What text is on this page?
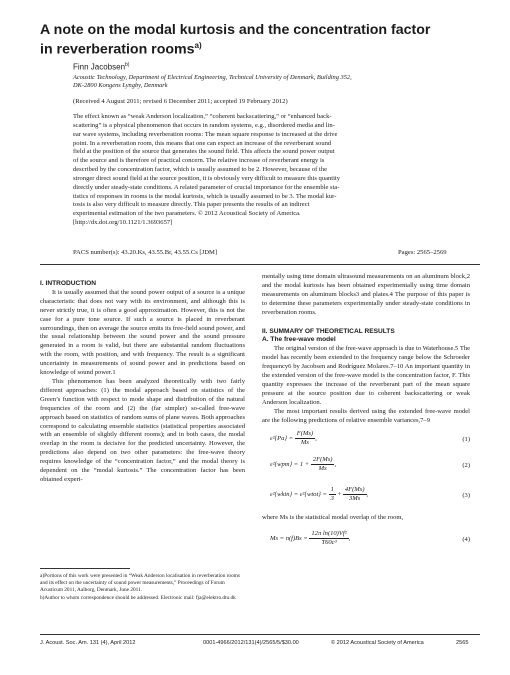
A note on the modal kurtosis and the concentration factor
in reverberation rooms$^{a)}$
Finn Jacobsen$^{b)}$
Acoustic Technology, Department of Electrical Engineering, Technical University of Denmark, Building 352,
DK-2800 Kongens Lyngby, Denmark
(Received 4 August 2011; revised 6 December 2011; accepted 19 February 2012)
The effect known as “weak Anderson localization,” “coherent backscattering,” or “enhanced back-
scattering” is a physical phenomenon that occurs in random systems, e.g., disordered media and lin-
ear wave systems, including reverberation rooms: The mean square response is increased at the drive
point. In a reverberation room, this means that one can expect an increase of the reverberant sound
field at the position of the source that generates the sound field. This affects the sound power output
of the source and is therefore of practical concern. The relative increase of reverberant energy is
described by the concentration factor, which is usually assumed to be 2. However, because of the
stronger direct sound field at the source position, it is obviously very difficult to measure this quantity
directly under steady-state conditions. A related parameter of crucial importance for the ensemble sta-
tistics of responses in rooms is the modal kurtosis, which is usually assumed to be 3. The modal kur-
tosis is also very difficult to measure directly. This paper presents the results of an indirect
experimental estimation of the two parameters. © 2012 Acoustical Society of America.
[http://dx.doi.org/10.1121/1.3693657]
PACS number(s): 43.20.Ks, 43.55.Br, 43.55.Cs [JDM]	Pages: 2565–2569

I. INTRODUCTION

It is usually assumed that the sound power output of a source is a unique characteristic that does not vary with its environment, and although this is never strictly true, it is often a good approximation. However, this is not the case for a pure tone source. If such a source is placed in reverberant surroundings, then on average the source emits its free-field sound power, and the usual relationship between the sound power and the sound pressure generated in a room is valid, but there are substantial random fluctuations with the room, with position, and with frequency. The result is a significant uncertainty in measurements of sound power and in predictions based on knowledge of sound power.1

This phenomenon has been analyzed theoretically with two fairly different approaches: (1) the modal approach based on statistics of the Green’s function with respect to mode shape and distribution of the natural frequencies of the room and (2) the (far simpler) so-called free-wave approach based on statistics of random sums of plane waves. Both approaches correspond to calculating ensemble statistics (statistical properties associated with an ensemble of slightly different rooms); and in both cases, the modal overlap in the room is decisive for the predicted uncertainty. However, the predictions also depend on two other parameters: the free-wave theory requires knowledge of the “concentration factor,” and the modal theory is dependent on the “modal kurtosis.” The concentration factor has been obtained experi-

a)Portions of this work were presented in “Weak Anderson localisation in reverberation rooms and its effect on the uncertainty of sound power measurements,” Proceedings of Forum Acusticum 2011, Aalborg, Denmark, June 2011.

b)Author to whom correspondence should be addressed. Electronic mail: fja@elektro.dtu.dk

mentally using time domain ultrasound measurements on an aluminum block,2 and the modal kurtosis has been obtained experimentally using time domain measurements on aluminum blocks3 and plates.4 The purpose of this paper is to determine these parameters experimentally under steady-state conditions in reverberation rooms.

II. SUMMARY OF THEORETICAL RESULTS

A. The free-wave model

The original version of the free-wave approach is due to Waterhouse.5 The model has recently been extended to the frequency range below the Schroeder frequency6 by Jacobsen and Rodríguez Molares.7–10 An important quantity in the extended version of the free-wave model is the concentration factor, F. This quantity expresses the increase of the reverberant part of the mean square pressure at the source position due to coherent backscattering or weak Anderson localization.

The most important results derived using the extended free-wave model are the following predictions of relative ensemble variances,7–9

$\varepsilon^2\{Pa\} = \frac{F(Ms)}{Ms}$ ,	(1)
$\varepsilon^2\{wpm\} = 1 + \frac{2F(Ms)}{Ms}$ ,	(2)
ε²{wkin} = ε²{wtot} = $\frac{1}{3} + \frac{4F(Ms)}{3Ms}$ ,	(3)

where Ms is the statistical modal overlap of the room,

$Ms = n(f)Bs = \frac{\text{12π ln(10)Vf²}}{\text{T60c³}}$ ,	(4)
J. Acoust. Soc. Am. 131 (4), April 2012	0001-4966/2012/131(4)/2565/5/$30.00	© 2012 Acoustical Society of America	2565
